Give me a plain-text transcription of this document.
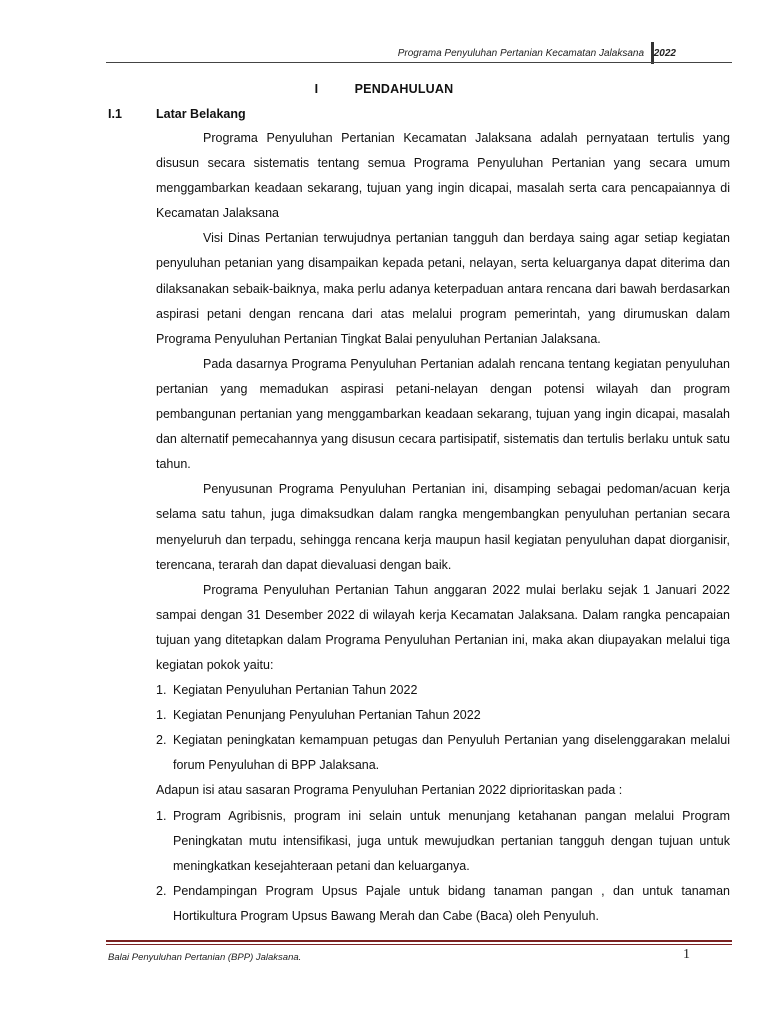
Programa Penyuluhan Pertanian Kecamatan Jalaksana 2022
I	PENDAHULUAN
I.1	Latar Belakang

Programa Penyuluhan Pertanian Kecamatan Jalaksana adalah pernyataan tertulis yang disusun secara sistematis tentang semua Programa Penyuluhan Pertanian yang secara umum menggambarkan keadaan sekarang, tujuan yang ingin dicapai, masalah serta cara pencapaiannya di Kecamatan Jalaksana

Visi Dinas Pertanian terwujudnya pertanian tangguh dan berdaya saing agar setiap kegiatan penyuluhan petanian yang disampaikan kepada petani, nelayan, serta keluarganya dapat diterima dan dilaksanakan sebaik-baiknya, maka perlu adanya keterpaduan antara rencana dari bawah berdasarkan aspirasi petani dengan rencana dari atas melalui program pemerintah, yang dirumuskan dalam Programa Penyuluhan Pertanian Tingkat Balai penyuluhan Pertanian Jalaksana.

Pada dasarnya Programa Penyuluhan Pertanian adalah rencana tentang kegiatan penyuluhan pertanian yang memadukan aspirasi petani-nelayan dengan potensi wilayah dan program pembangunan pertanian yang menggambarkan keadaan sekarang, tujuan yang ingin dicapai, masalah dan alternatif pemecahannya yang disusun cecara partisipatif, sistematis dan tertulis berlaku untuk satu tahun.

Penyusunan Programa Penyuluhan Pertanian ini, disamping sebagai pedoman/acuan kerja selama satu tahun, juga dimaksudkan dalam rangka mengembangkan penyuluhan pertanian secara menyeluruh dan terpadu, sehingga rencana kerja maupun hasil kegiatan penyuluhan dapat diorganisir, terencana, terarah dan dapat dievaluasi dengan baik.

Programa Penyuluhan Pertanian Tahun anggaran 2022 mulai berlaku sejak 1 Januari 2022 sampai dengan 31 Desember 2022 di wilayah kerja Kecamatan Jalaksana. Dalam rangka pencapaian tujuan yang ditetapkan dalam Programa Penyuluhan Pertanian ini, maka akan diupayakan melalui tiga kegiatan pokok yaitu:

1. Kegiatan Penyuluhan Pertanian Tahun 2022

1. Kegiatan Penunjang Penyuluhan Pertanian Tahun 2022

2. Kegiatan peningkatan kemampuan petugas dan Penyuluh Pertanian yang diselenggarakan melalui forum Penyuluhan di BPP Jalaksana.

Adapun isi atau sasaran Programa Penyuluhan Pertanian 2022 diprioritaskan pada :

1. Program Agribisnis, program ini selain untuk menunjang ketahanan pangan melalui Program Peningkatan mutu intensifikasi, juga untuk mewujudkan pertanian tangguh dengan tujuan untuk meningkatkan kesejahteraan petani dan keluarganya.

2. Pendampingan Program Upsus Pajale untuk bidang tanaman pangan , dan untuk tanaman Hortikultura Program Upsus Bawang Merah dan Cabe (Baca) oleh Penyuluh.

Balai Penyuluhan Pertanian (BPP) Jalaksana.	1
